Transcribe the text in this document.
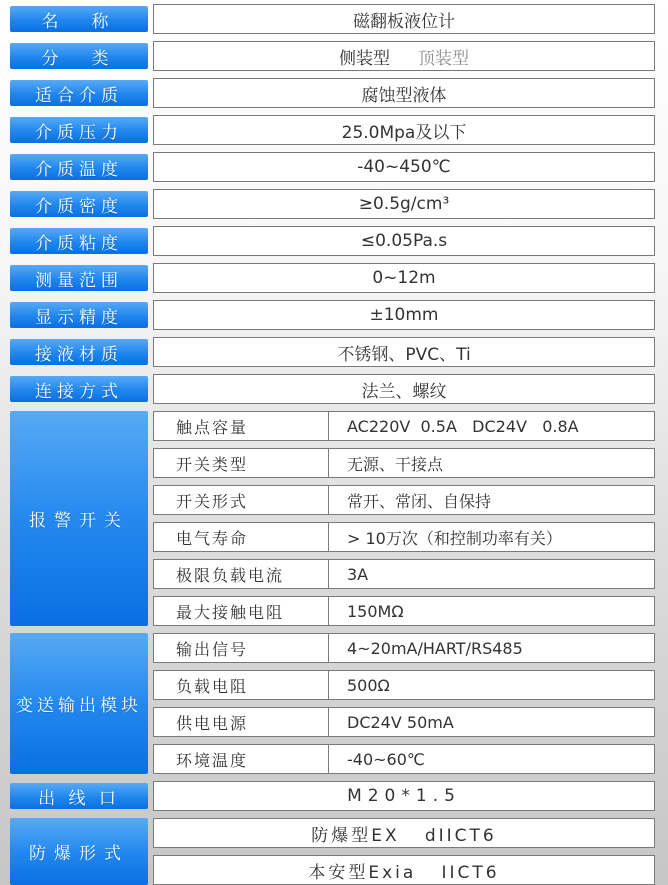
名　称	磁翻板液位计
分　类	侧装型 顶装型
适合介质	腐蚀型液体
介质压力	25.0Mpa及以下
介质温度	-40~450℃
介质密度	≥0.5g/cm³
介质粘度	≤0.05Pa.s
测量范围	0~12m
显示精度	±10mm
接液材质	不锈钢、PVC、Ti
连接方式	法兰、螺纹
报警开关
触点容量	AC220V  0.5A   DC24V   0.8A
开关类型	无源、干接点
开关形式	常开、常闭、自保持
电气寿命	> 10万次（和控制功率有关）
极限负载电流	3A
最大接触电阻	150MΩ
变送输出模块
输出信号	4~20mA/HART/RS485
负载电阻	500Ω
供电电源	DC24V 50mA
环境温度	-40~60℃
出 线 口	M20*1.5
防爆形式
防爆型EX   dIICT6
本安型Exia   IICT6
